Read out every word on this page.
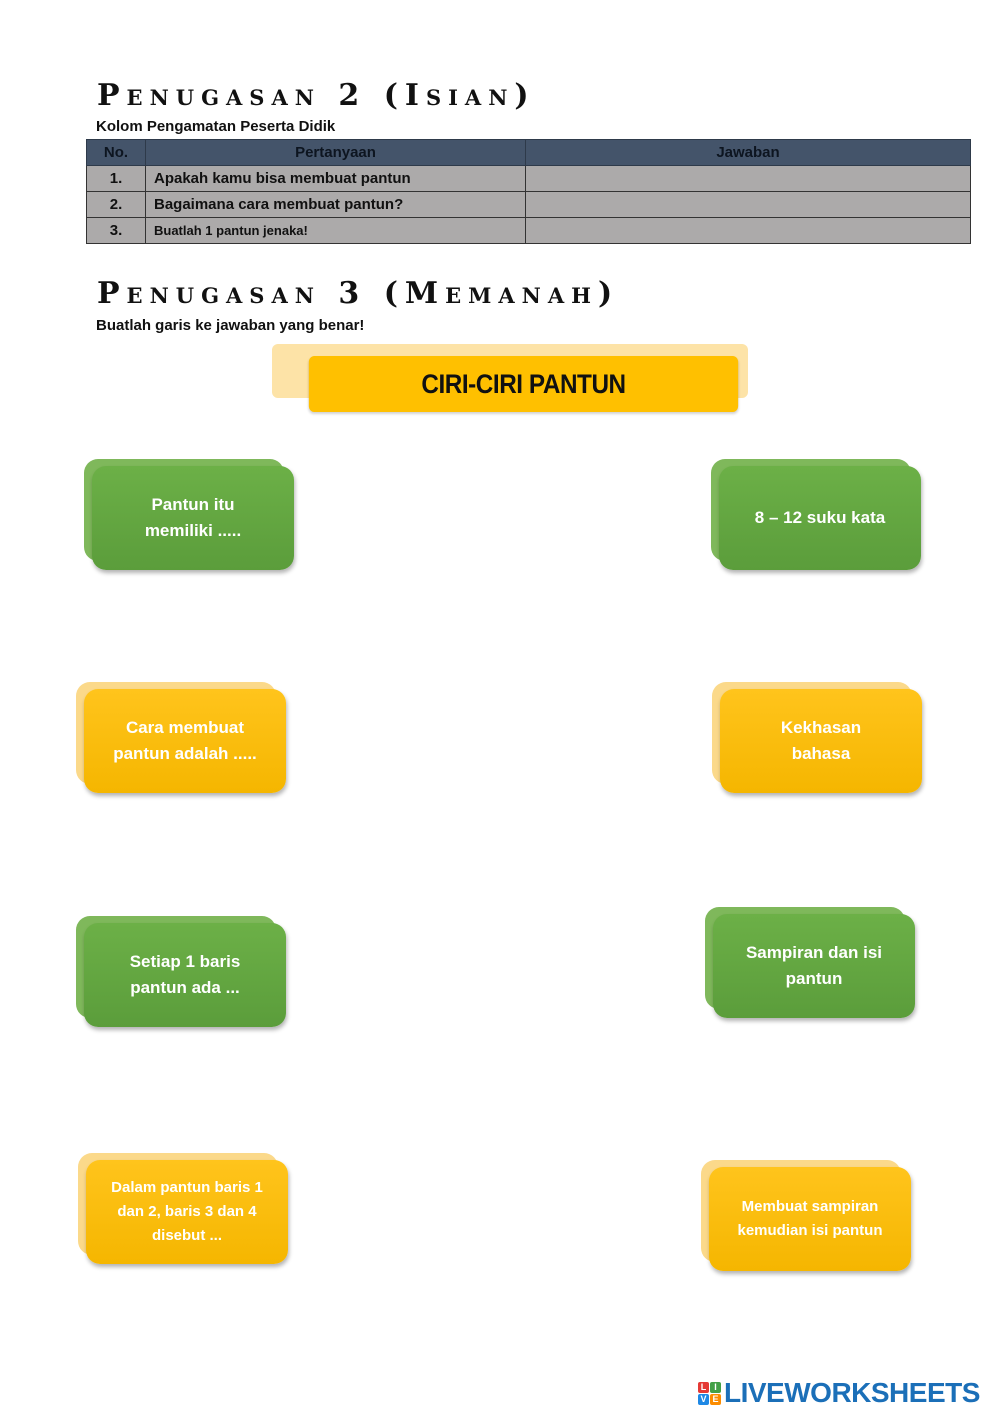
Penugasan 2 (Isian)
Kolom Pengamatan Peserta Didik
No.	Pertanyaan	Jawaban
1.	Apakah kamu bisa membuat pantun	
2.	Bagaimana cara membuat pantun?	
3.	Buatlah 1 pantun jenaka!	
Penugasan 3 (Memanah)
Buatlah garis ke jawaban yang benar!
CIRI-CIRI PANTUN
Pantun itu memiliki .....
Cara membuat pantun adalah .....
Setiap 1 baris pantun ada ...
Dalam pantun baris 1 dan 2, baris 3 dan 4 disebut ...
8 – 12 suku kata
Kekhasan bahasa
Sampiran dan isi pantun
Membuat sampiran kemudian isi pantun
L I
V E LIVEWORKSHEETS
